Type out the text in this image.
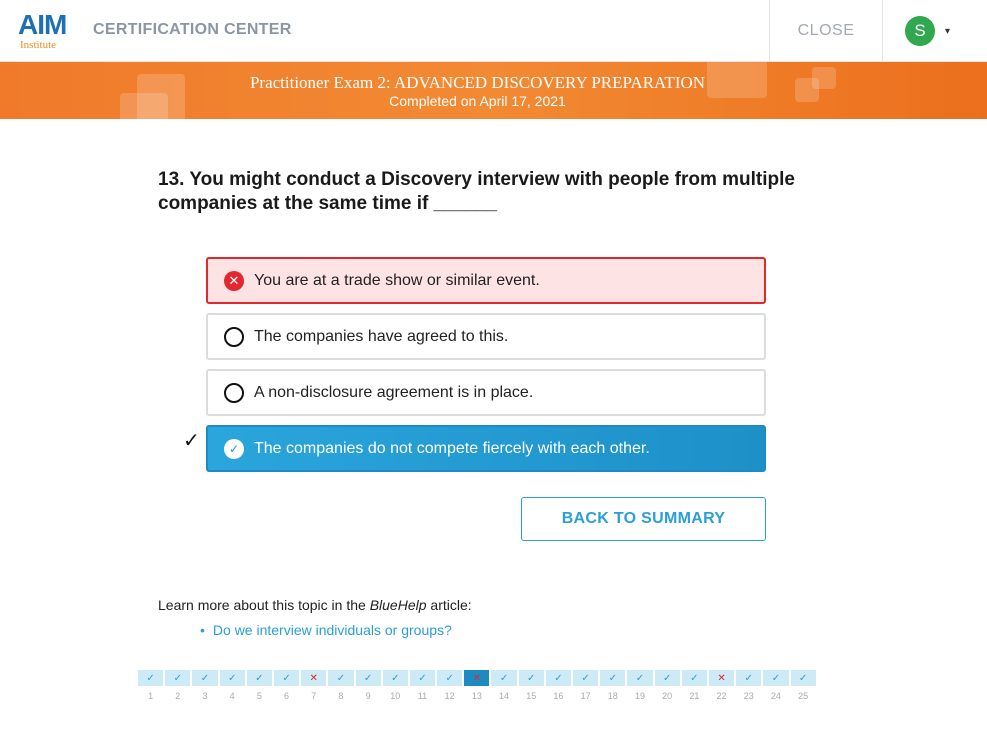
AIM
Institute
CERTIFICATION CENTER	CLOSE	S	▾
Practitioner Exam 2: ADVANCED DISCOVERY PREPARATION
Completed on April 17, 2021
13. You might conduct a Discovery interview with people from multiple companies at the same time if ______
✕ You are at a trade show or similar event.
The companies have agreed to this.
A non-disclosure agreement is in place.
✓	✓ The companies do not compete fiercely with each other.
BACK TO SUMMARY
Learn more about this topic in the BlueHelp article:
• Do we interview individuals or groups?
✓
1
✓
2
✓
3
✓
4
✓
5
✓
6
✕
7
✓
8
✓
9
✓
10
✓
11
✓
12
✕
13
✓
14
✓
15
✓
16
✓
17
✓
18
✓
19
✓
20
✓
21
✕
22
✓
23
✓
24
✓
25
